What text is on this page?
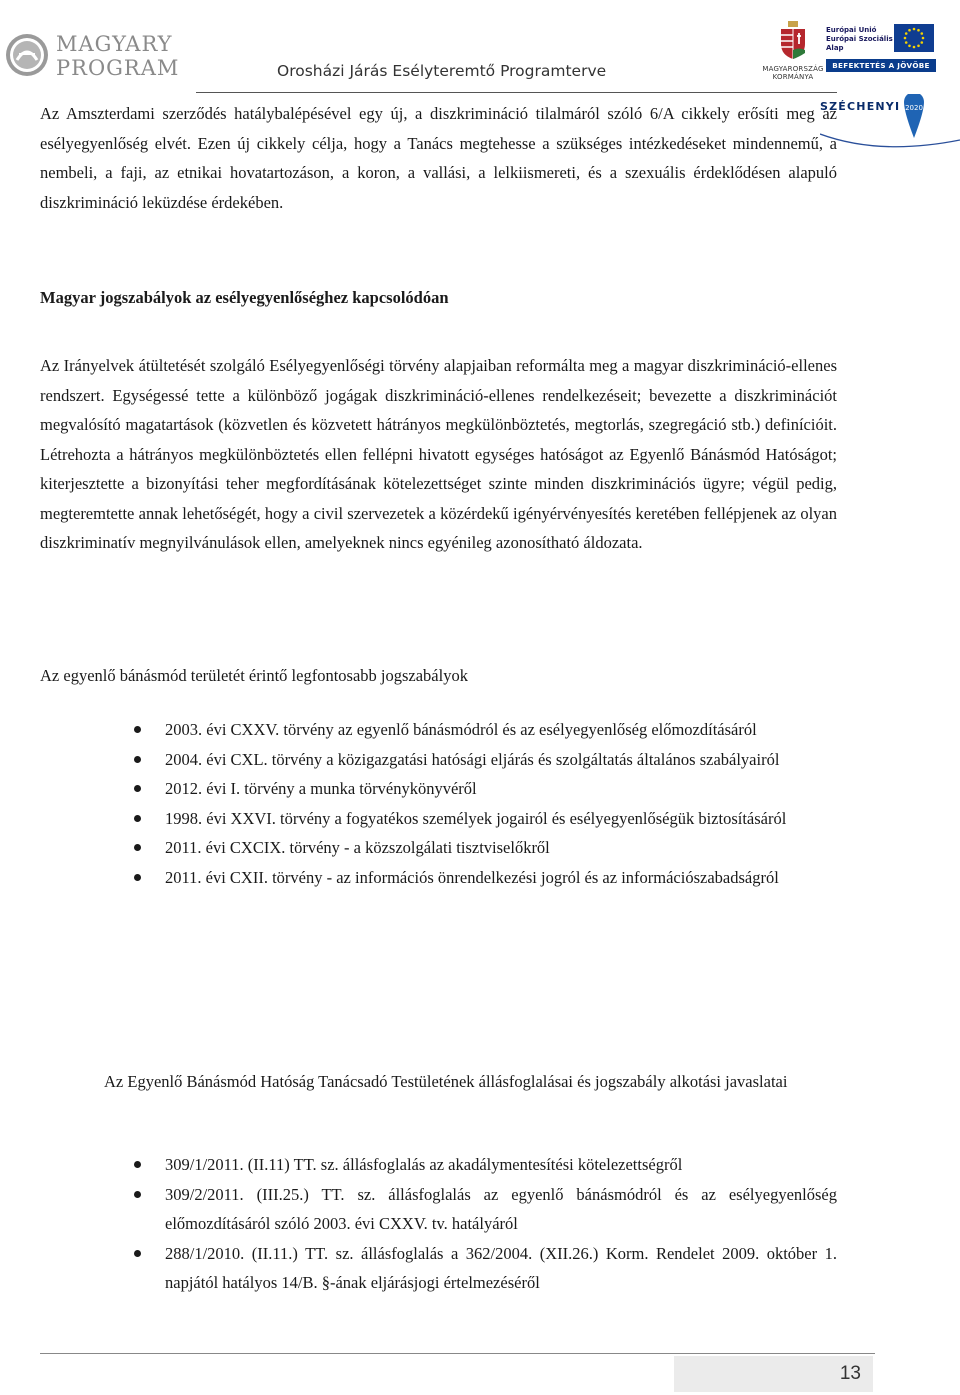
MAGYARY
PROGRAM	Orosházi Járás Esélyteremtő Programterve	MAGYARORSZÁG
KORMÁNYA
Európai Unió
Európai Szociális
Alap
BEFEKTETÉS A JÖVŐBE
SZÉCHENYI 2020

Az Amszterdami szerződés hatálybalépésével egy új, a diszkrimináció tilalmáról szóló 6/A cikkely erősíti meg az esélyegyenlőség elvét. Ezen új cikkely célja, hogy a Tanács megtehesse a szükséges intézkedéseket mindennemű, a nembeli, a faji, az etnikai hovatartozáson, a koron, a vallási, a lelkiismereti, és a szexuális érdeklődésen alapuló diszkrimináció leküzdése érdekében.

Magyar jogszabályok az esélyegyenlőséghez kapcsolódóan

Az Irányelvek átültetését szolgáló Esélyegyenlőségi törvény alapjaiban reformálta meg a magyar diszkrimináció-ellenes rendszert. Egységessé tette a különböző jogágak diszkrimináció-ellenes rendelkezéseit; bevezette a diszkriminációt megvalósító magatartások (közvetlen és közvetett hátrányos megkülönböztetés, megtorlás, szegregáció stb.) definícióit. Létrehozta a hátrányos megkülönböztetés ellen fellépni hivatott egységes hatóságot az Egyenlő Bánásmód Hatóságot; kiterjesztette a bizonyítási teher megfordításának kötelezettséget szinte minden diszkriminációs ügyre; végül pedig, megteremtette annak lehetőségét, hogy a civil szervezetek a közérdekű igényérvényesítés keretében fellépjenek az olyan diszkriminatív megnyilvánulások ellen, amelyeknek nincs egyénileg azonosítható áldozata.

Az egyenlő bánásmód területét érintő legfontosabb jogszabályok

2003. évi CXXV. törvény az egyenlő bánásmódról és az esélyegyenlőség előmozdításáról
2004. évi CXL. törvény a közigazgatási hatósági eljárás és szolgáltatás általános szabályairól
2012. évi I. törvény a munka törvénykönyvéről
1998. évi XXVI. törvény a fogyatékos személyek jogairól és esélyegyenlőségük biztosításáról
2011. évi CXCIX. törvény - a közszolgálati tisztviselőkről
2011. évi CXII. törvény - az információs önrendelkezési jogról és az információszabadságról

Az Egyenlő Bánásmód Hatóság Tanácsadó Testületének állásfoglalásai és jogszabály alkotási javaslatai

309/1/2011. (II.11) TT. sz. állásfoglalás az akadálymentesítési kötelezettségről
309/2/2011. (III.25.) TT. sz. állásfoglalás az egyenlő bánásmódról és az esélyegyenlőség előmozdításáról szóló 2003. évi CXXV. tv. hatályáról
288/1/2010. (II.11.) TT. sz. állásfoglalás a 362/2004. (XII.26.) Korm. Rendelet 2009. október 1. napjától hatályos 14/B. §-ának eljárásjogi értelmezéséről
13
